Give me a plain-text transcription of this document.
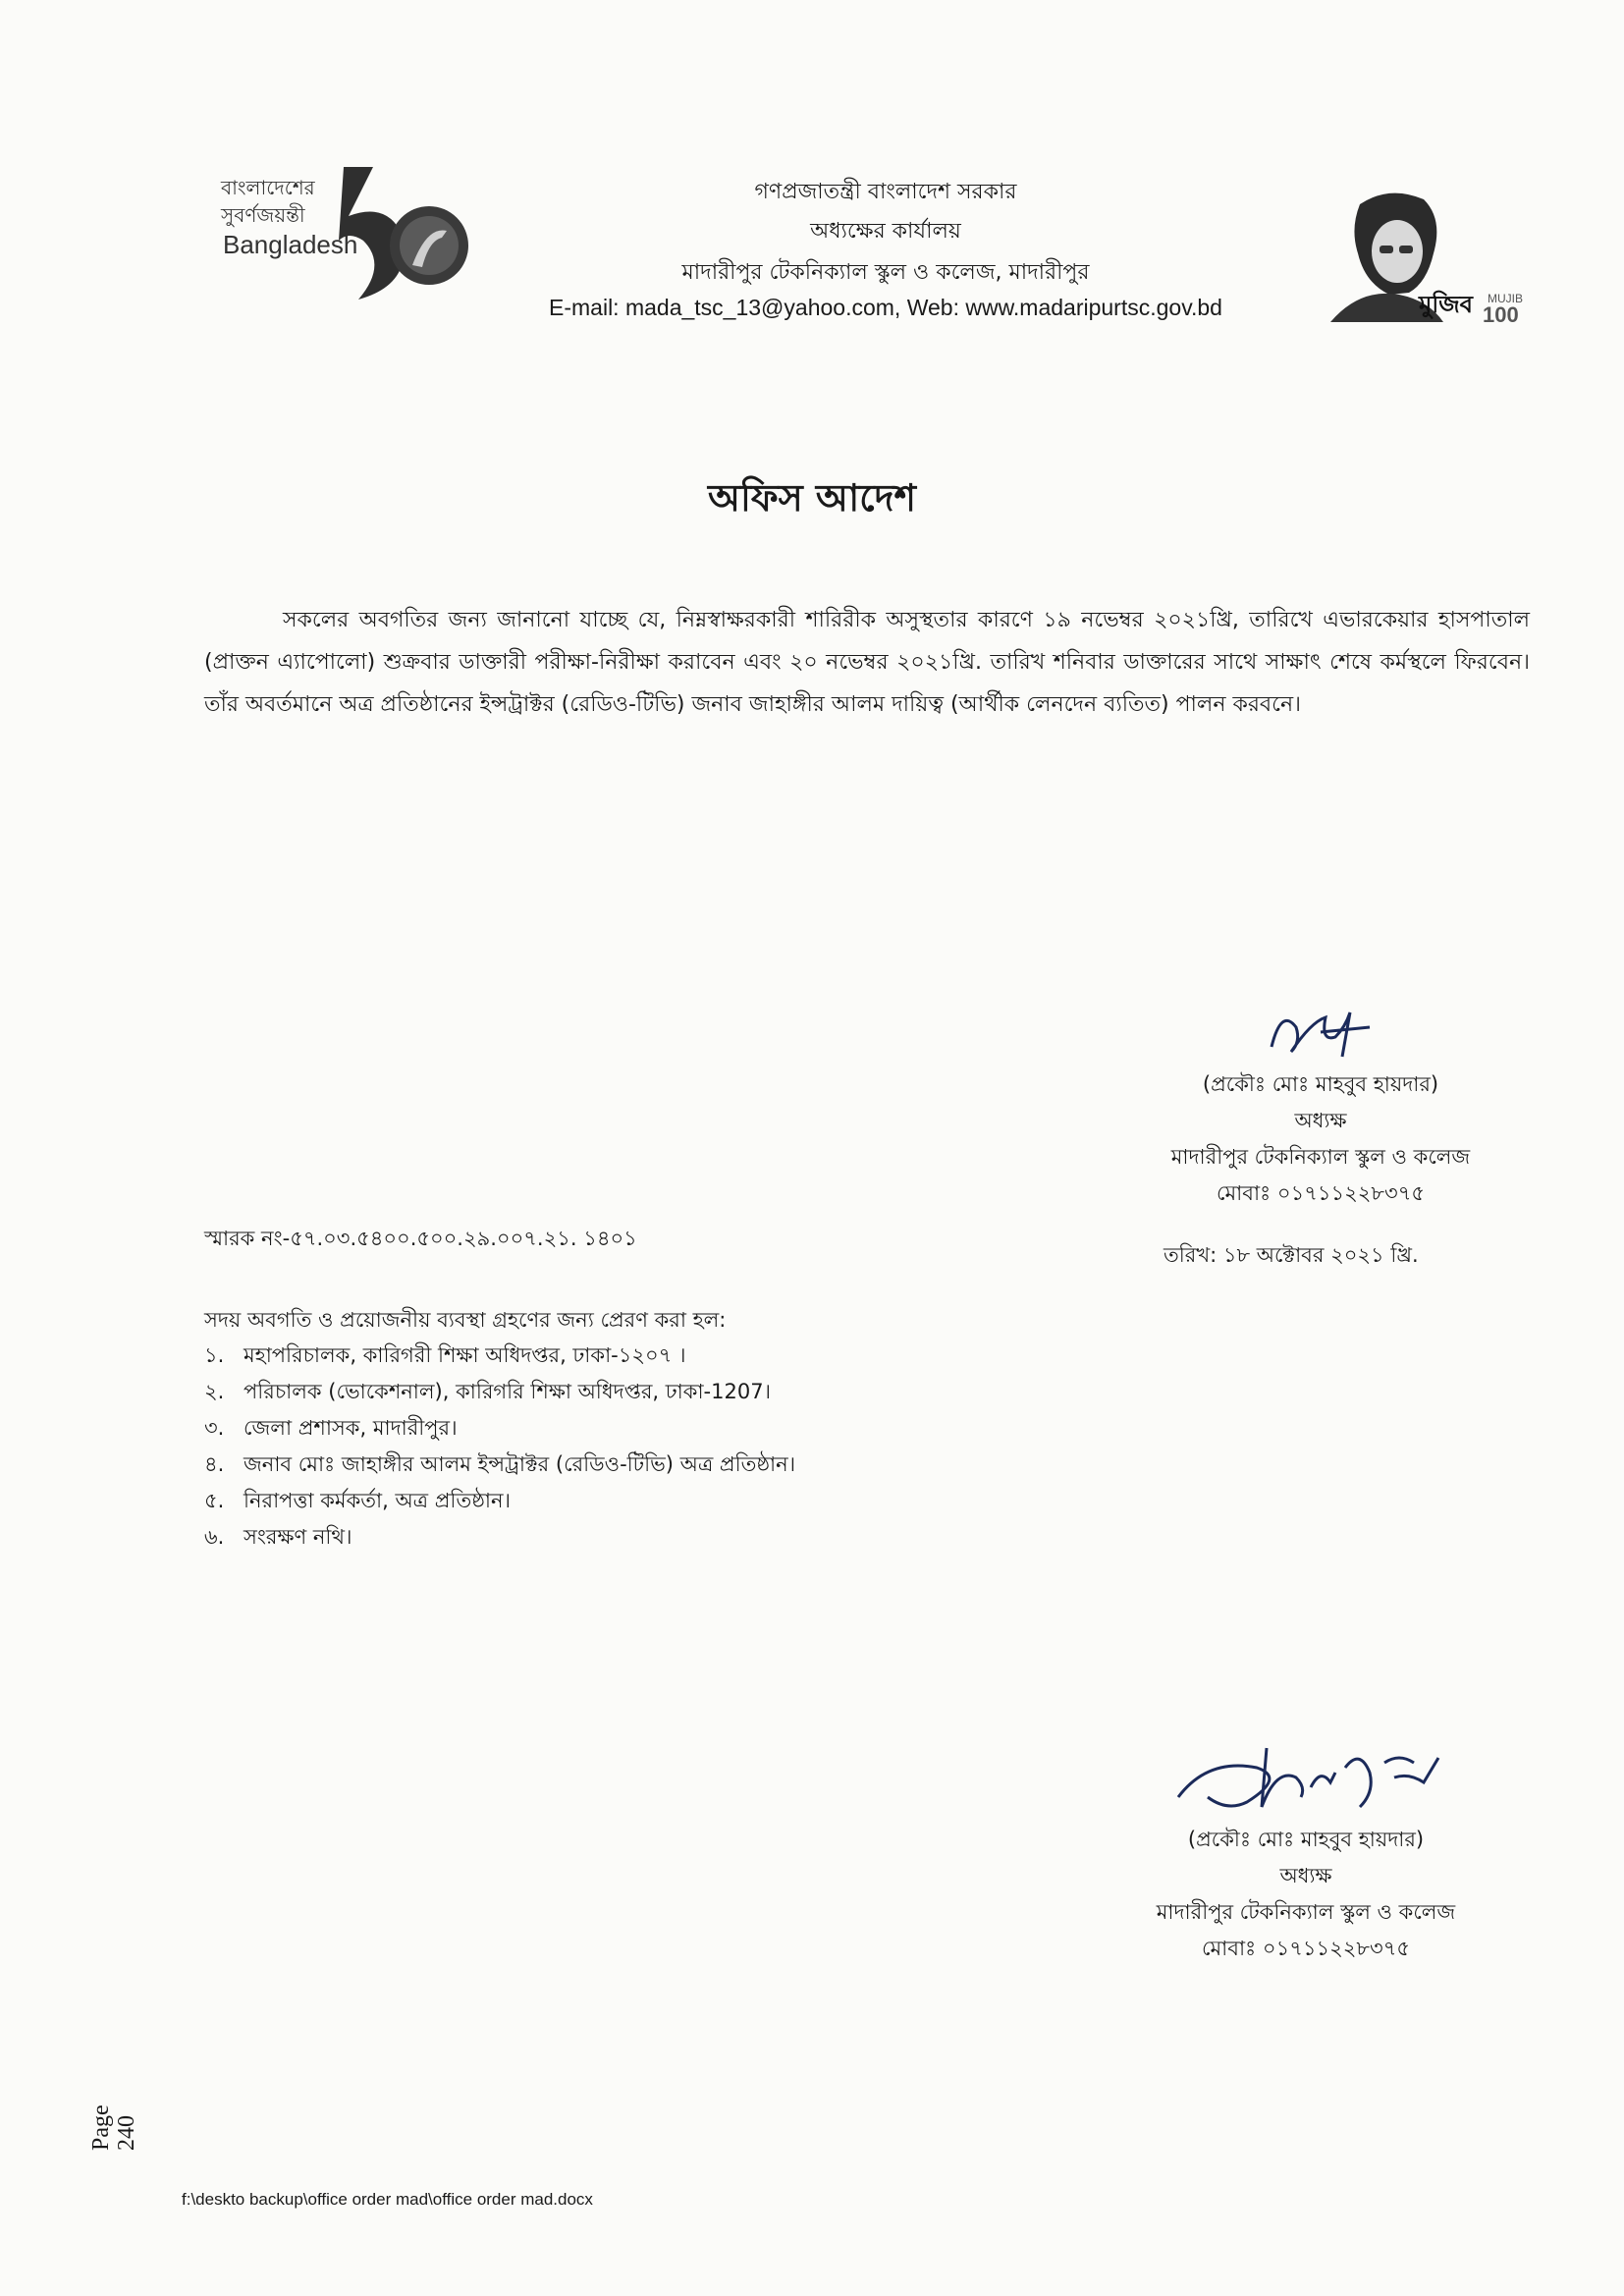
বাংলাদেশের
সুবর্ণজয়ন্তী
Bangladesh
গণপ্রজাতন্ত্রী বাংলাদেশ সরকার
অধ্যক্ষের কার্যালয়
মাদারীপুর টেকনিক্যাল স্কুল ও কলেজ, মাদারীপুর
E-mail: mada_tsc_13@yahoo.com, Web: www.madaripurtsc.gov.bd	মুজিব MUJIB
100
অফিস আদেশ
সকলের অবগতির জন্য জানানো যাচ্ছে যে, নিম্নস্বাক্ষরকারী শারিরীক অসুস্থতার কারণে ১৯ নভেম্বর ২০২১খ্রি, তারিখে এভারকেয়ার হাসপাতাল (প্রাক্তন এ্যাপোলো) শুক্রবার ডাক্তারী পরীক্ষা-নিরীক্ষা করাবেন এবং ২০ নভেম্বর ২০২১খ্রি. তারিখ শনিবার ডাক্তারের সাথে সাক্ষাৎ শেষে কর্মস্থলে ফিরবেন। তাঁর অবর্তমানে অত্র প্রতিষ্ঠানের ইন্সট্রাক্টর (রেডিও-টিভি) জনাব জাহাঙ্গীর আলম দায়িত্ব (আর্থীক লেনদেন ব্যতিত) পালন করবনে।
(প্রকৌঃ মোঃ মাহবুব হায়দার)
অধ্যক্ষ
মাদারীপুর টেকনিক্যাল স্কুল ও কলেজ
মোবাঃ ০১৭১১২২৮৩৭৫
স্মারক নং-৫৭.০৩.৫৪০০.৫০০.২৯.০০৭.২১. ১৪০১
তরিখ: ১৮ অক্টোবর ২০২১ খ্রি.
সদয় অবগতি ও প্রয়োজনীয় ব্যবস্থা গ্রহণের জন্য প্রেরণ করা হল:
১. মহাপরিচালক, কারিগরী শিক্ষা অধিদপ্তর, ঢাকা-১২০৭ ।
২. পরিচালক (ভোকেশনাল), কারিগরি শিক্ষা অধিদপ্তর, ঢাকা-1207।
৩. জেলা প্রশাসক, মাদারীপুর।
৪. জনাব মোঃ জাহাঙ্গীর আলম ইন্সট্রাক্টর (রেডিও-টিভি) অত্র প্রতিষ্ঠান।
৫. নিরাপত্তা কর্মকর্তা, অত্র প্রতিষ্ঠান।
৬. সংরক্ষণ নথি।
(প্রকৌঃ মোঃ মাহবুব হায়দার)
অধ্যক্ষ
মাদারীপুর টেকনিক্যাল স্কুল ও কলেজ
মোবাঃ ০১৭১১২২৮৩৭৫
Page 240
f:\deskto backup\office order mad\office order mad.docx
